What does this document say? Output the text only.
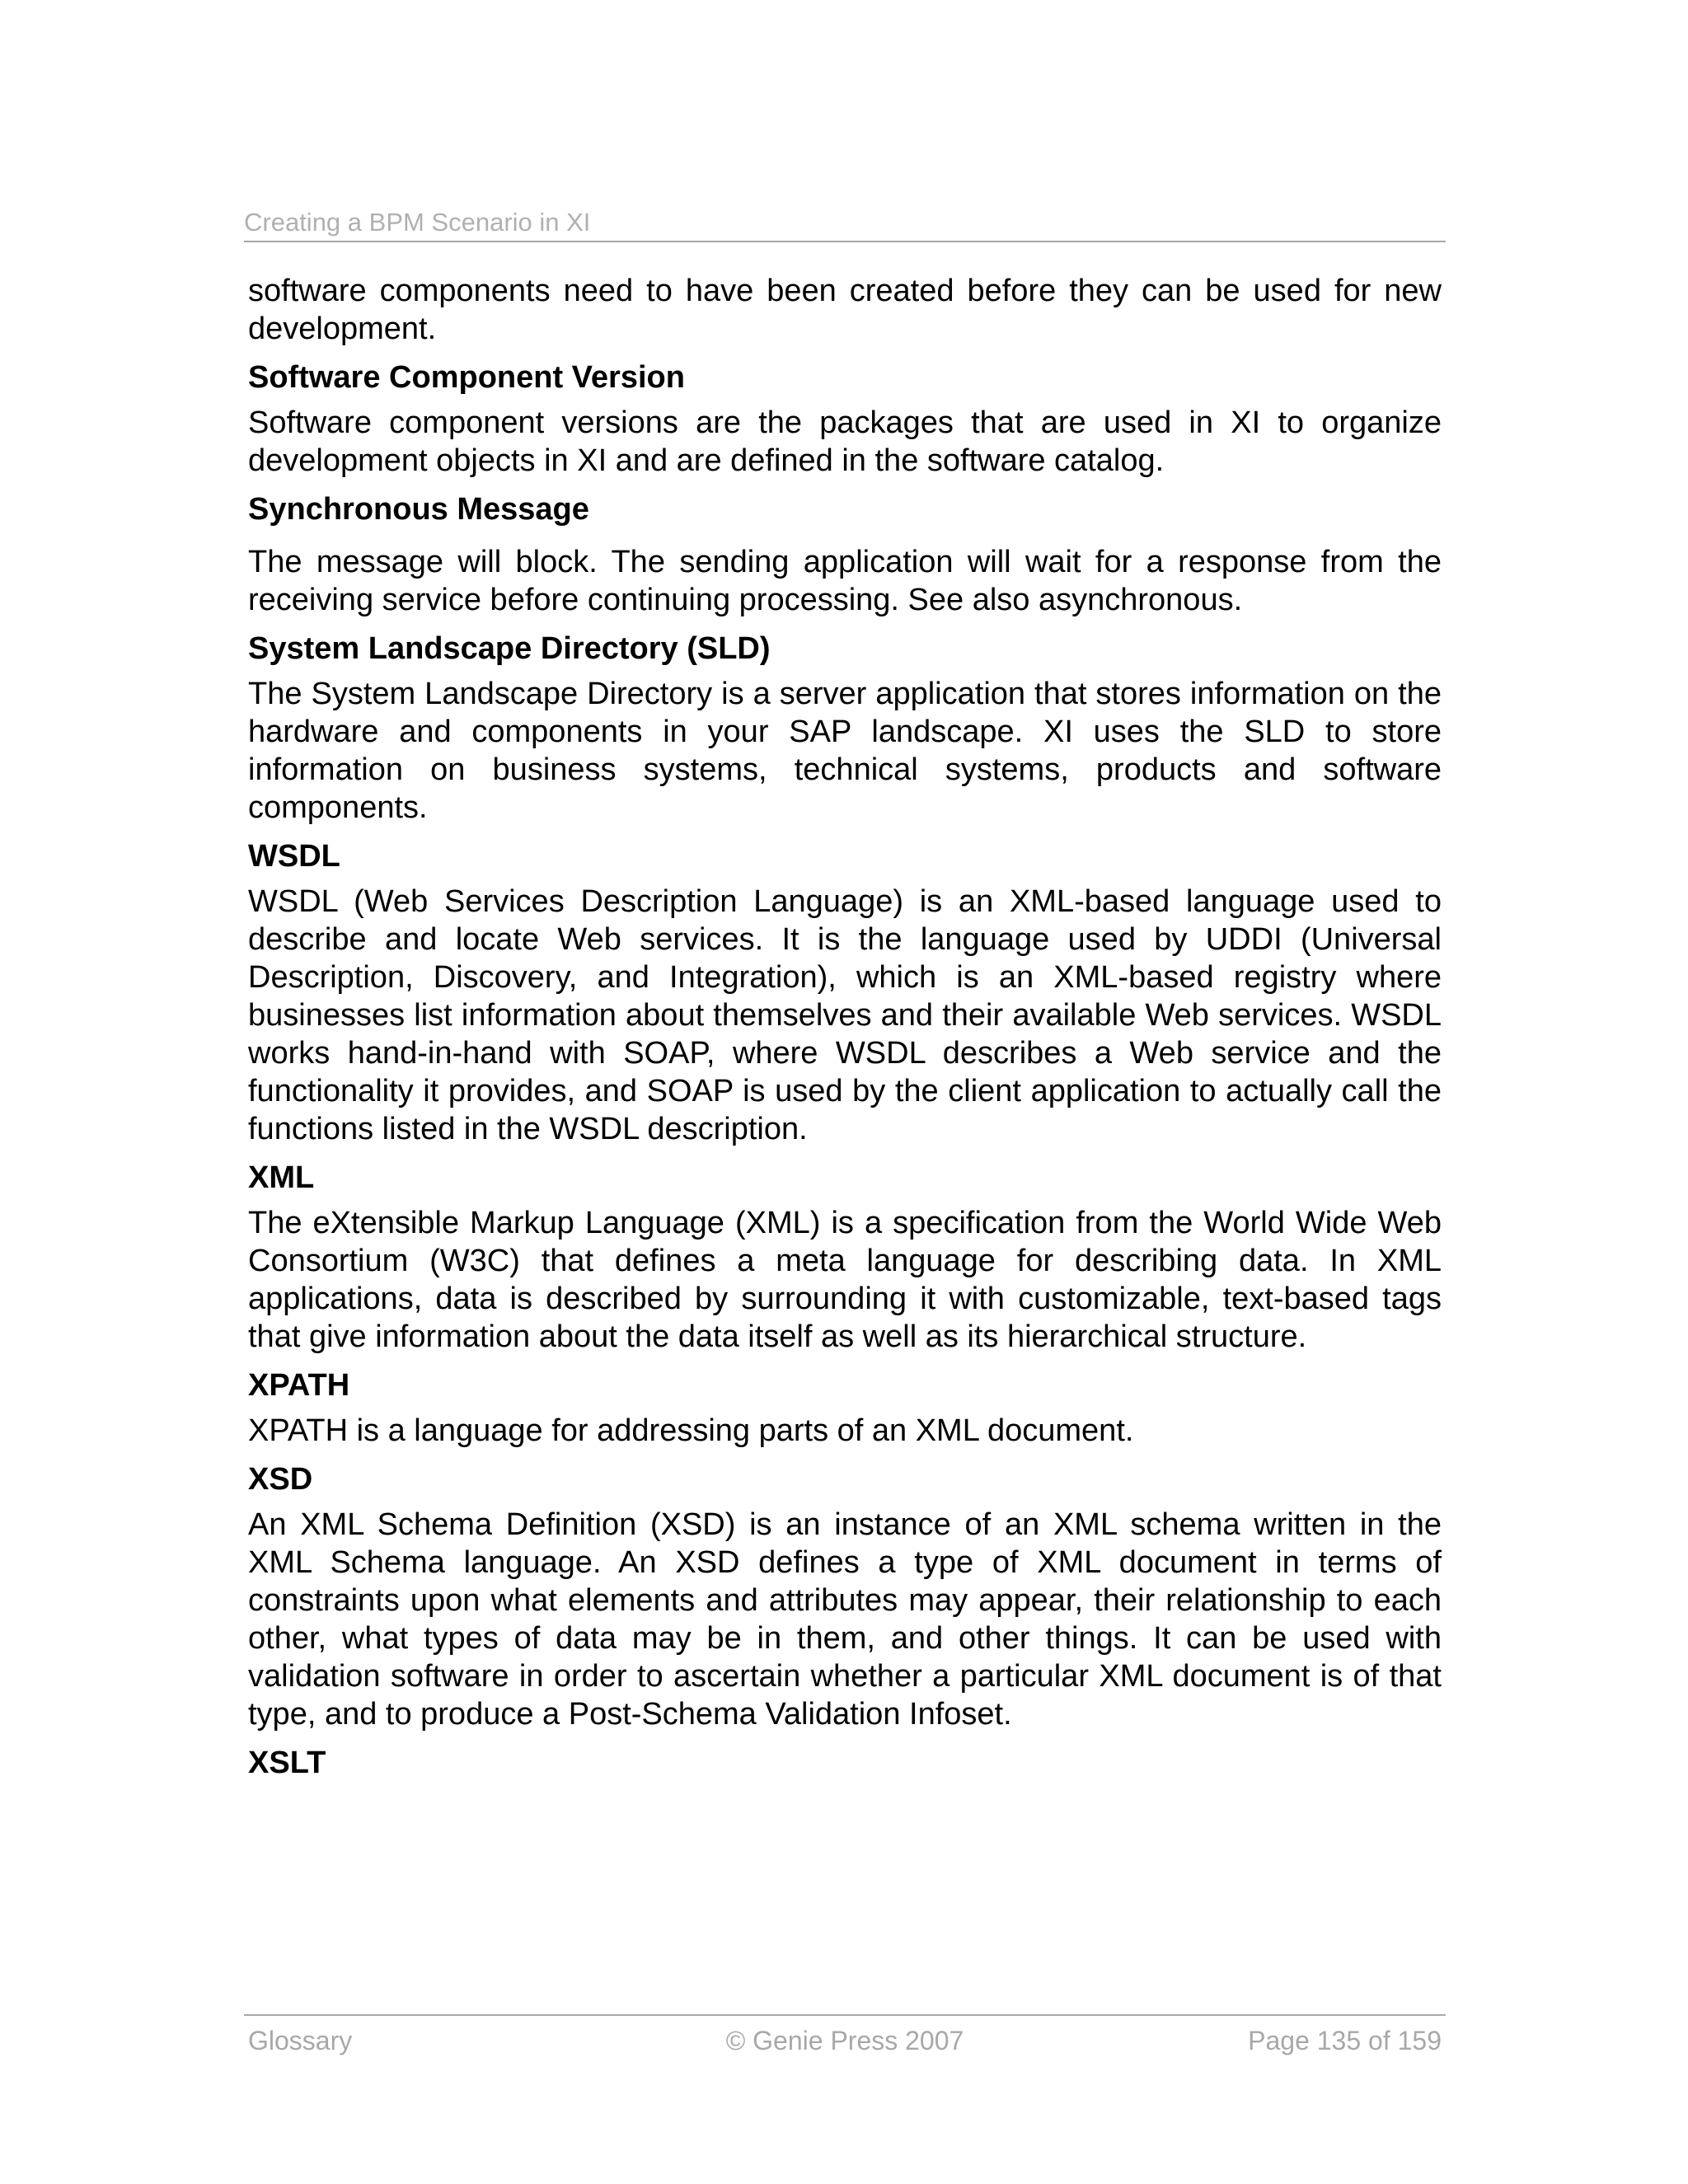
Creating a BPM Scenario in XI

software components need to have been created before they can be used for new development.

Software Component Version

Software component versions are the packages that are used in XI to organize development objects in XI and are defined in the software catalog.

Synchronous Message

The message will block. The sending application will wait for a response from the receiving service before continuing processing. See also asynchronous.

System Landscape Directory (SLD)

The System Landscape Directory is a server application that stores information on the hardware and components in your SAP landscape. XI uses the SLD to store information on business systems, technical systems, products and software components.

WSDL

WSDL (Web Services Description Language) is an XML-based language used to describe and locate Web services. It is the language used by UDDI (Universal Description, Discovery, and Integration), which is an XML-based registry where businesses list information about themselves and their available Web services. WSDL works hand-in-hand with SOAP, where WSDL describes a Web service and the functionality it provides, and SOAP is used by the client application to actually call the functions listed in the WSDL description.

XML

The eXtensible Markup Language (XML) is a specification from the World Wide Web Consortium (W3C) that defines a meta language for describing data. In XML applications, data is described by surrounding it with customizable, text-based tags that give information about the data itself as well as its hierarchical structure.

XPATH

XPATH is a language for addressing parts of an XML document.

XSD

An XML Schema Definition (XSD) is an instance of an XML schema written in the XML Schema language. An XSD defines a type of XML document in terms of constraints upon what elements and attributes may appear, their relationship to each other, what types of data may be in them, and other things. It can be used with validation software in order to ascertain whether a particular XML document is of that type, and to produce a Post-Schema Validation Infoset.

XSLT

Glossary	© Genie Press 2007	Page 135 of 159
